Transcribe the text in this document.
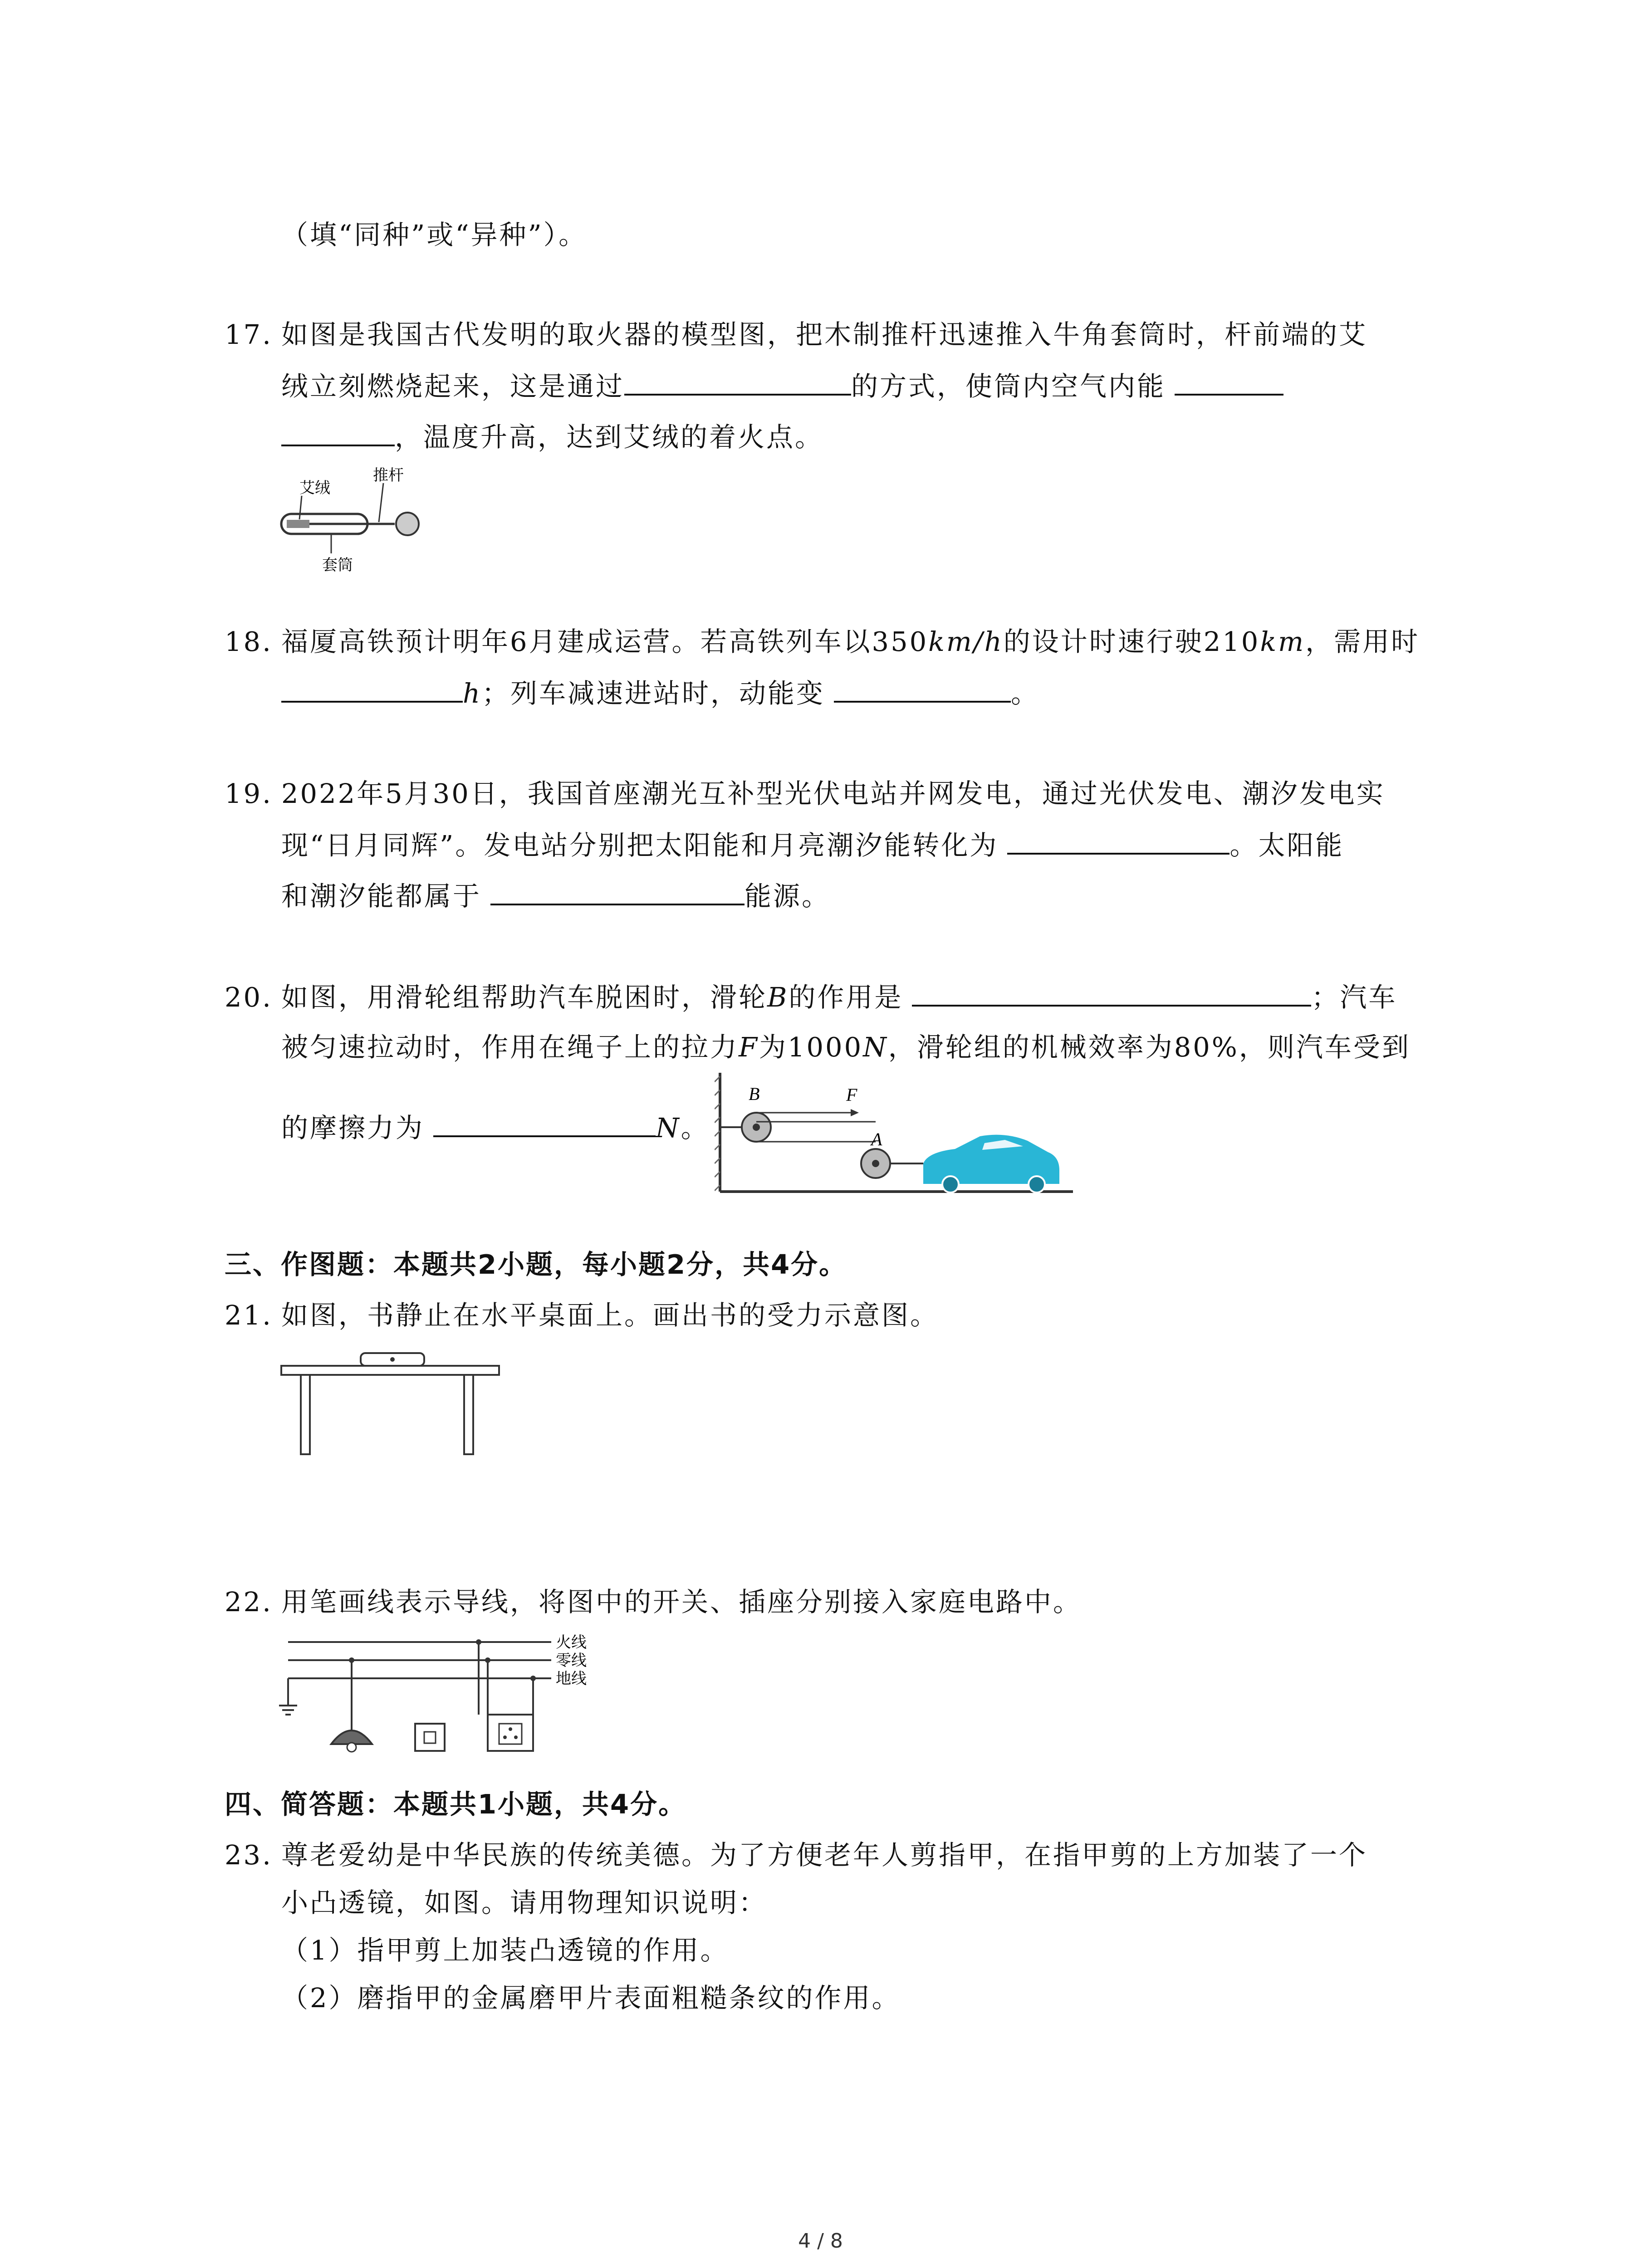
（填“同种”或“异种”）。
17. 如图是我国古代发明的取火器的模型图，把木制推杆迅速推入牛角套筒时，杆前端的艾
绒立刻燃烧起来，这是通过	的方式，使筒内空气内能
，温度升高，达到艾绒的着火点。
艾绒
推杆
套筒
18. 福厦高铁预计明年6月建成运营。若高铁列车以350km/h的设计时速行驶210km，需用时
h；列车减速进站时，动能变	。
19. 2022年5月30日，我国首座潮光互补型光伏电站并网发电，通过光伏发电、潮汐发电实
现“日月同辉”。发电站分别把太阳能和月亮潮汐能转化为	。太阳能
和潮汐能都属于	能源。
20. 如图，用滑轮组帮助汽车脱困时，滑轮B的作用是	；汽车
被匀速拉动时，作用在绳子上的拉力F为1000N，滑轮组的机械效率为80%，则汽车受到
的摩擦力为	N。
B	F
A
三、作图题：本题共2小题，每小题2分，共4分。
21. 如图，书静止在水平桌面上。画出书的受力示意图。
22. 用笔画线表示导线，将图中的开关、插座分别接入家庭电路中。
火线
零线
地线
四、简答题：本题共1小题，共4分。
23. 尊老爱幼是中华民族的传统美德。为了方便老年人剪指甲，在指甲剪的上方加装了一个
小凸透镜，如图。请用物理知识说明：
（1）指甲剪上加装凸透镜的作用。
（2）磨指甲的金属磨甲片表面粗糙条纹的作用。
4 / 8
